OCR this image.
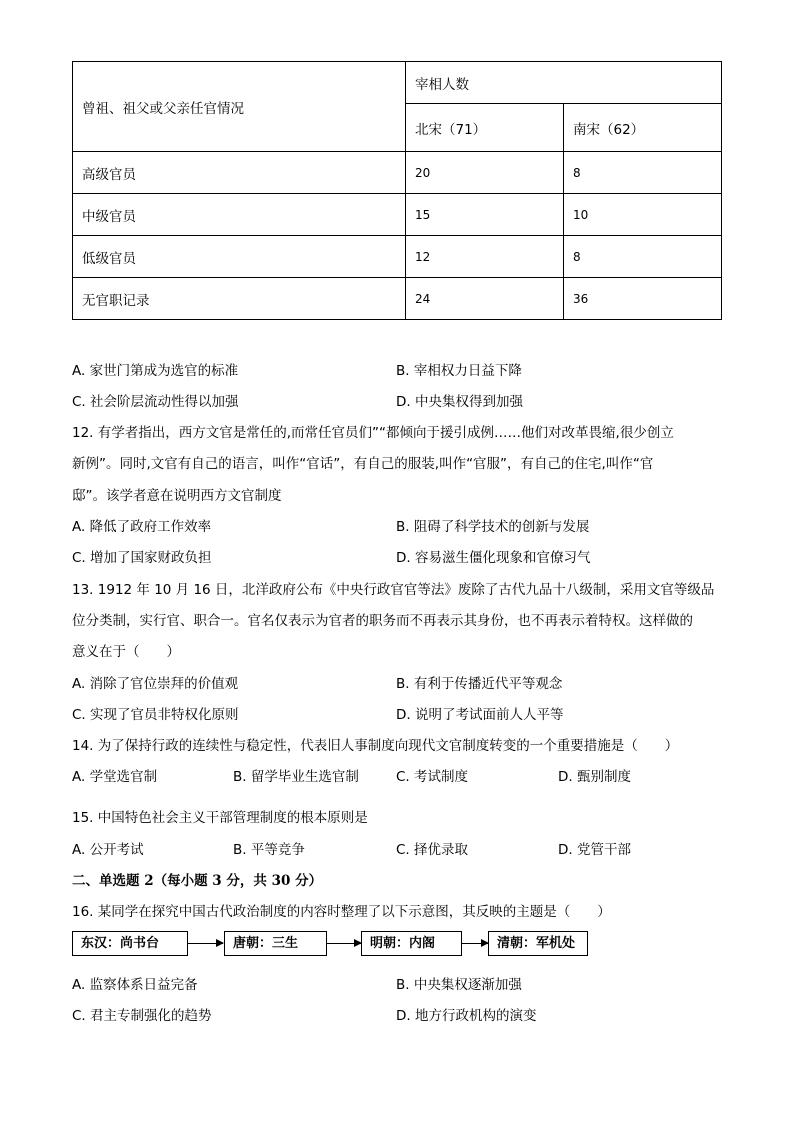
曾祖、祖父或父亲任官情况	宰相人数	
	北宋（71）	南宋（62）
高级官员	20	8
中级官员	15	10
低级官员	12	8
无官职记录	24	36
A. 家世门第成为选官的标准	B. 宰相权力日益下降
C. 社会阶层流动性得以加强	D. 中央集权得到加强
12. 有学者指出，西方文官是常任的,而常任官员们”“都倾向于援引成例……他们对改革畏缩,很少创立
新例”。同时,文官有自己的语言，叫作“官话”，有自己的服装,叫作“官服”，有自己的住宅,叫作“官
邸”。该学者意在说明西方文官制度
A. 降低了政府工作效率	B. 阻碍了科学技术的创新与发展
C. 增加了国家财政负担	D. 容易滋生僵化现象和官僚习气
13. 1912 年 10 月 16 日，北洋政府公布《中央行政官官等法》废除了古代九品十八级制，采用文官等级品
位分类制，实行官、职合一。官名仅表示为官者的职务而不再表示其身份，也不再表示着特权。这样做的
意义在于（　　）
A. 消除了官位崇拜的价值观	B. 有利于传播近代平等观念
C. 实现了官员非特权化原则	D. 说明了考试面前人人平等
14. 为了保持行政的连续性与稳定性，代表旧人事制度向现代文官制度转变的一个重要措施是（　　）
A. 学堂选官制	B. 留学毕业生选官制	C. 考试制度	D. 甄别制度
15. 中国特色社会主义干部管理制度的根本原则是
A. 公开考试	B. 平等竞争	C. 择优录取	D. 党管干部
二、单选题 2（每小题 3 分，共 30 分）
16. 某同学在探究中国古代政治制度的内容时整理了以下示意图，其反映的主题是（　　）
东汉：尚书台	唐朝：三生	明朝：内阁	清朝：军机处
A. 监察体系日益完备	B. 中央集权逐渐加强
C. 君主专制强化的趋势	D. 地方行政机构的演变
